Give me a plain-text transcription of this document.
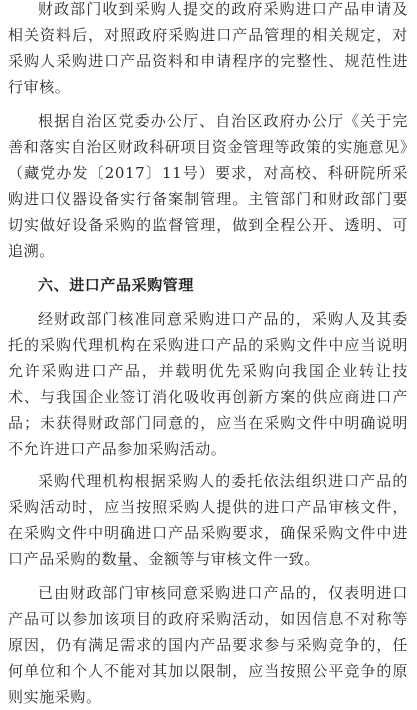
财政部门收到采购人提交的政府采购进口产品申请及相关资料后，对照政府采购进口产品管理的相关规定，对采购人采购进口产品资料和申请程序的完整性、规范性进行审核。

根据自治区党委办公厅、自治区政府办公厅《关于完善和落实自治区财政科研项目资金管理等政策的实施意见》（藏党办发〔2017〕11号）要求，对高校、科研院所采购进口仪器设备实行备案制管理。主管部门和财政部门要切实做好设备采购的监督管理，做到全程公开、透明、可追溯。

六、进口产品采购管理

经财政部门核准同意采购进口产品的，采购人及其委托的采购代理机构在采购进口产品的采购文件中应当说明允许采购进口产品，并载明优先采购向我国企业转让技术、与我国企业签订消化吸收再创新方案的供应商进口产品；未获得财政部门同意的，应当在采购文件中明确说明不允许进口产品参加采购活动。

采购代理机构根据采购人的委托依法组织进口产品的采购活动时，应当按照采购人提供的进口产品审核文件，在采购文件中明确进口产品采购要求，确保采购文件中进口产品采购的数量、金额等与审核文件一致。

已由财政部门审核同意采购进口产品的，仅表明进口产品可以参加该项目的政府采购活动，如因信息不对称等原因，仍有满足需求的国内产品要求参与采购竞争的，任何单位和个人不能对其加以限制，应当按照公平竞争的原则实施采购。
